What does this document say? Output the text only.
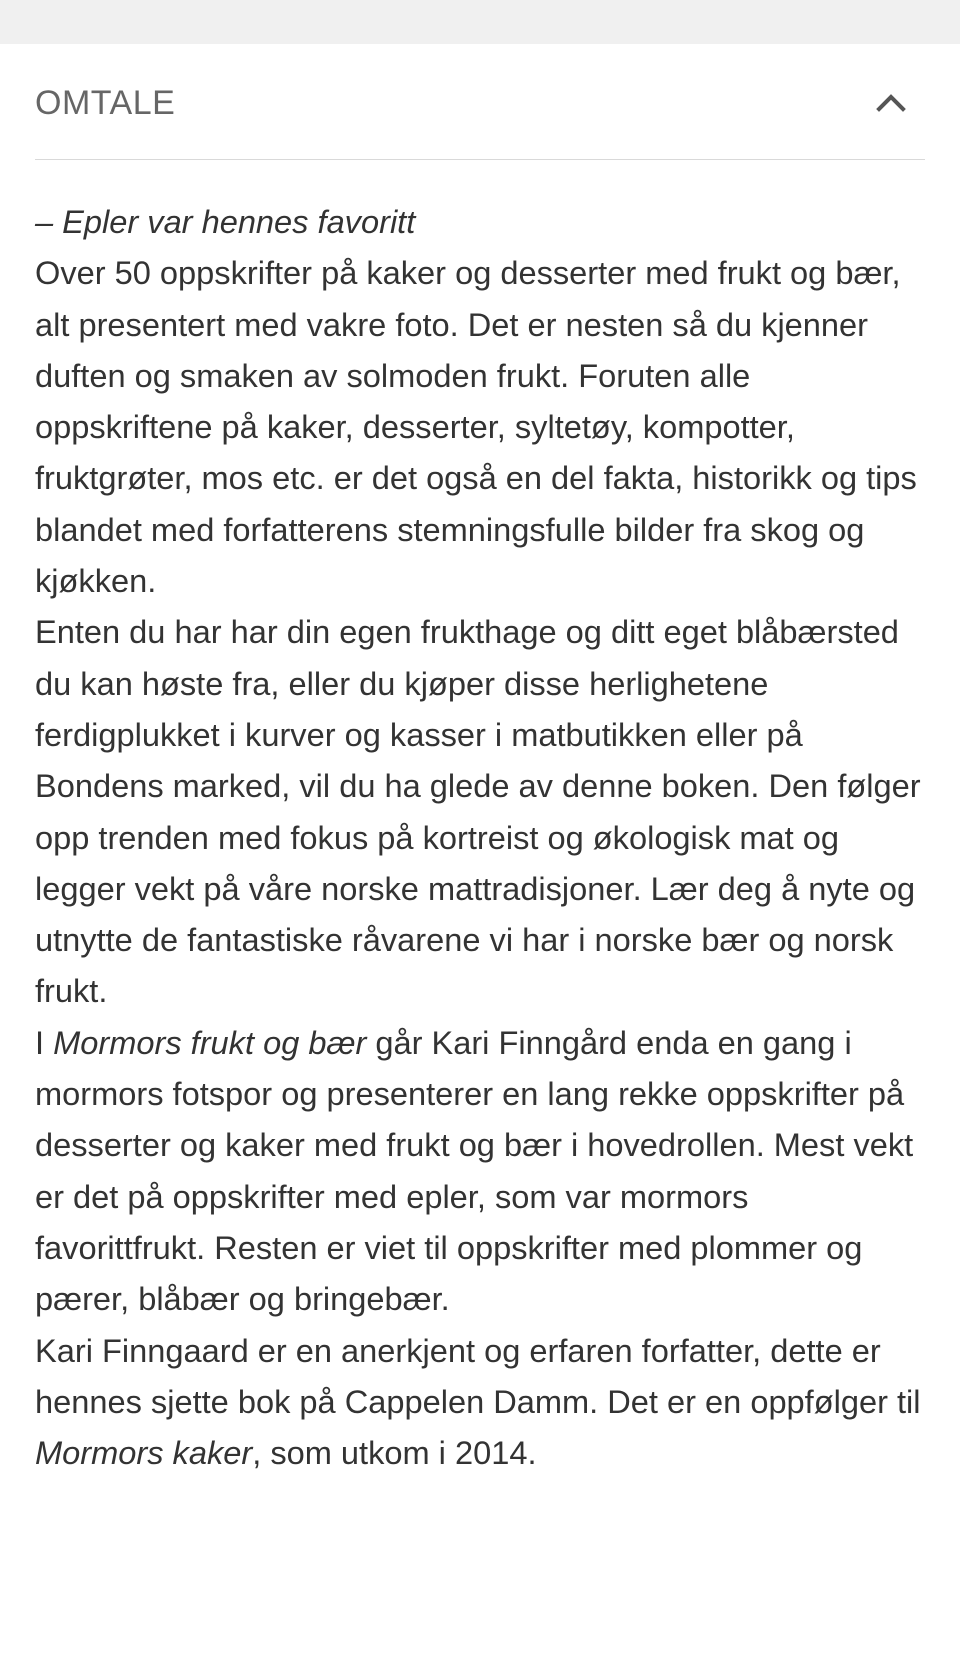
OMTALE

– Epler var hennes favoritt

Over 50 oppskrifter på kaker og desserter med frukt og bær, alt presentert med vakre foto. Det er nesten så du kjenner duften og smaken av solmoden frukt. Foruten alle oppskriftene på kaker, desserter, syltetøy, kompotter, fruktgrøter, mos etc. er det også en del fakta, historikk og tips blandet med forfatterens stemningsfulle bilder fra skog og kjøkken.

Enten du har har din egen frukthage og ditt eget blåbærsted du kan høste fra, eller du kjøper disse herlighetene ferdigplukket i kurver og kasser i matbutikken eller på Bondens marked, vil du ha glede av denne boken. Den følger opp trenden med fokus på kortreist og økologisk mat og legger vekt på våre norske mattradisjoner. Lær deg å nyte og utnytte de fantastiske råvarene vi har i norske bær og norsk frukt.

I Mormors frukt og bær går Kari Finngård enda en gang i mormors fotspor og presenterer en lang rekke oppskrifter på desserter og kaker med frukt og bær i hovedrollen. Mest vekt er det på oppskrifter med epler, som var mormors favorittfrukt. Resten er viet til oppskrifter med plommer og pærer, blåbær og bringebær.

Kari Finngaard er en anerkjent og erfaren forfatter, dette er hennes sjette bok på Cappelen Damm. Det er en oppfølger til Mormors kaker, som utkom i 2014.
